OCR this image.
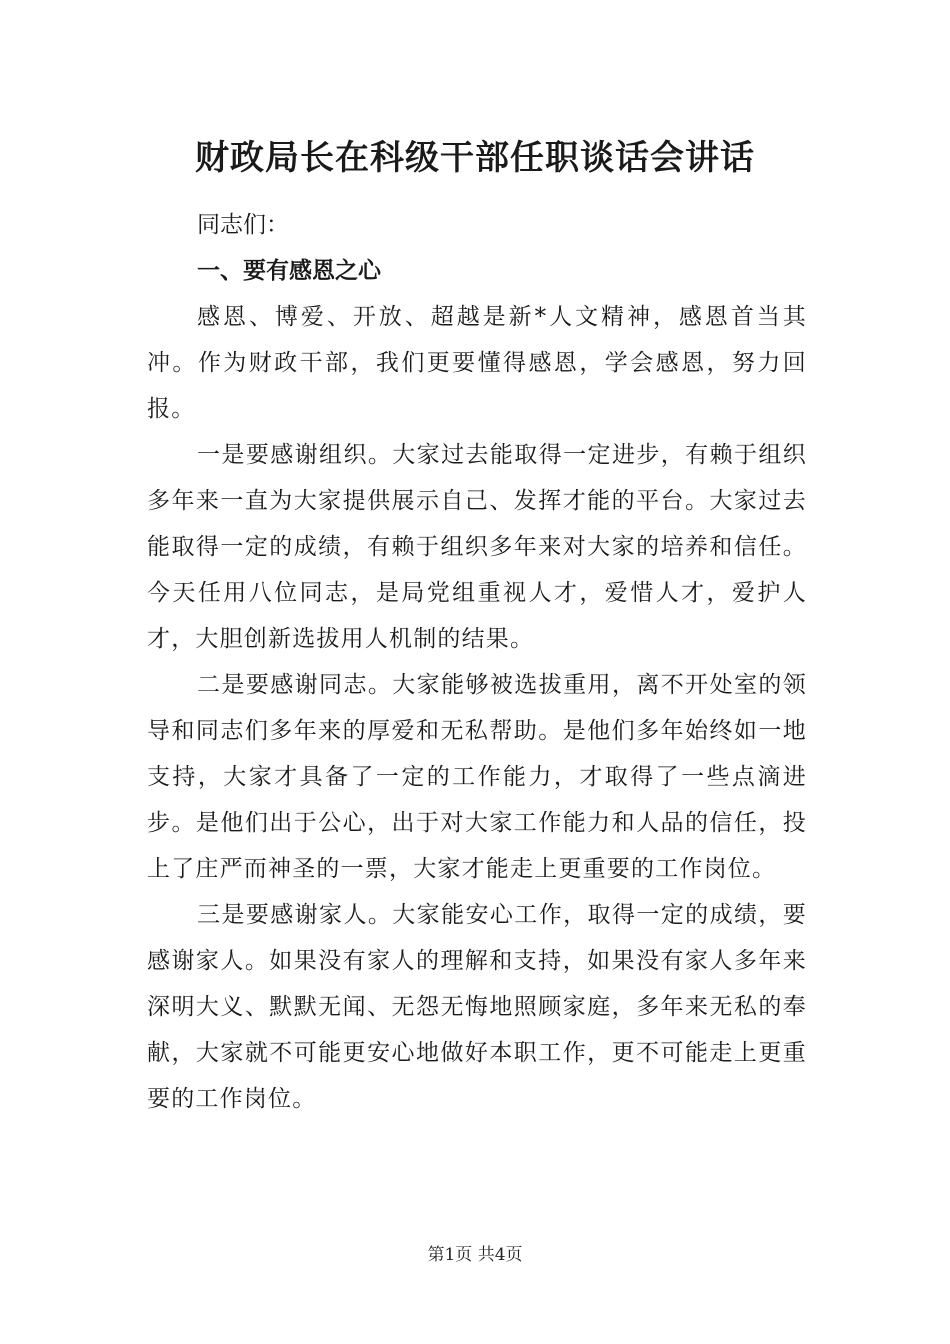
财政局长在科级干部任职谈话会讲话

同志们：

一、要有感恩之心

感恩、博爱、开放、超越是新*人文精神，感恩首当其冲。作为财政干部，我们更要懂得感恩，学会感恩，努力回报。

一是要感谢组织。大家过去能取得一定进步，有赖于组织多年来一直为大家提供展示自己、发挥才能的平台。大家过去能取得一定的成绩，有赖于组织多年来对大家的培养和信任。今天任用八位同志，是局党组重视人才，爱惜人才，爱护人才，大胆创新选拔用人机制的结果。

二是要感谢同志。大家能够被选拔重用，离不开处室的领导和同志们多年来的厚爱和无私帮助。是他们多年始终如一地支持，大家才具备了一定的工作能力，才取得了一些点滴进步。是他们出于公心，出于对大家工作能力和人品的信任，投上了庄严而神圣的一票，大家才能走上更重要的工作岗位。

三是要感谢家人。大家能安心工作，取得一定的成绩，要感谢家人。如果没有家人的理解和支持，如果没有家人多年来深明大义、默默无闻、无怨无悔地照顾家庭，多年来无私的奉献，大家就不可能更安心地做好本职工作，更不可能走上更重要的工作岗位。

第1页 共4页
